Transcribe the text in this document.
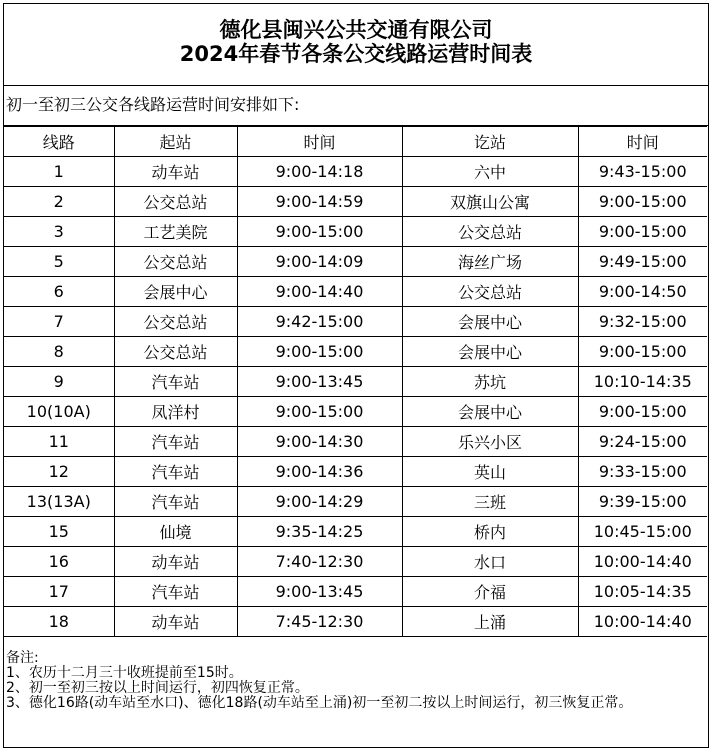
德化县闽兴公共交通有限公司
2024年春节各条公交线路运营时间表
初一至初三公交各线路运营时间安排如下:
线路	起站	时间	讫站	时间
1	动车站	9:00-14:18	六中	9:43-15:00
2	公交总站	9:00-14:59	双旗山公寓	9:00-15:00
3	工艺美院	9:00-15:00	公交总站	9:00-15:00
5	公交总站	9:00-14:09	海丝广场	9:49-15:00
6	会展中心	9:00-14:40	公交总站	9:00-14:50
7	公交总站	9:42-15:00	会展中心	9:32-15:00
8	公交总站	9:00-15:00	会展中心	9:00-15:00
9	汽车站	9:00-13:45	苏坑	10:10-14:35
10(10A)	凤洋村	9:00-15:00	会展中心	9:00-15:00
11	汽车站	9:00-14:30	乐兴小区	9:24-15:00
12	汽车站	9:00-14:36	英山	9:33-15:00
13(13A)	汽车站	9:00-14:29	三班	9:39-15:00
15	仙境	9:35-14:25	桥内	10:45-15:00
16	动车站	7:40-12:30	水口	10:00-14:40
17	汽车站	9:00-13:45	介福	10:05-14:35
18	动车站	7:45-12:30	上涌	10:00-14:40
备注:
1、农历十二月三十收班提前至15时。
2、初一至初三按以上时间运行，初四恢复正常。
3、德化16路(动车站至水口)、德化18路(动车站至上涌)初一至初二按以上时间运行，初三恢复正常。
